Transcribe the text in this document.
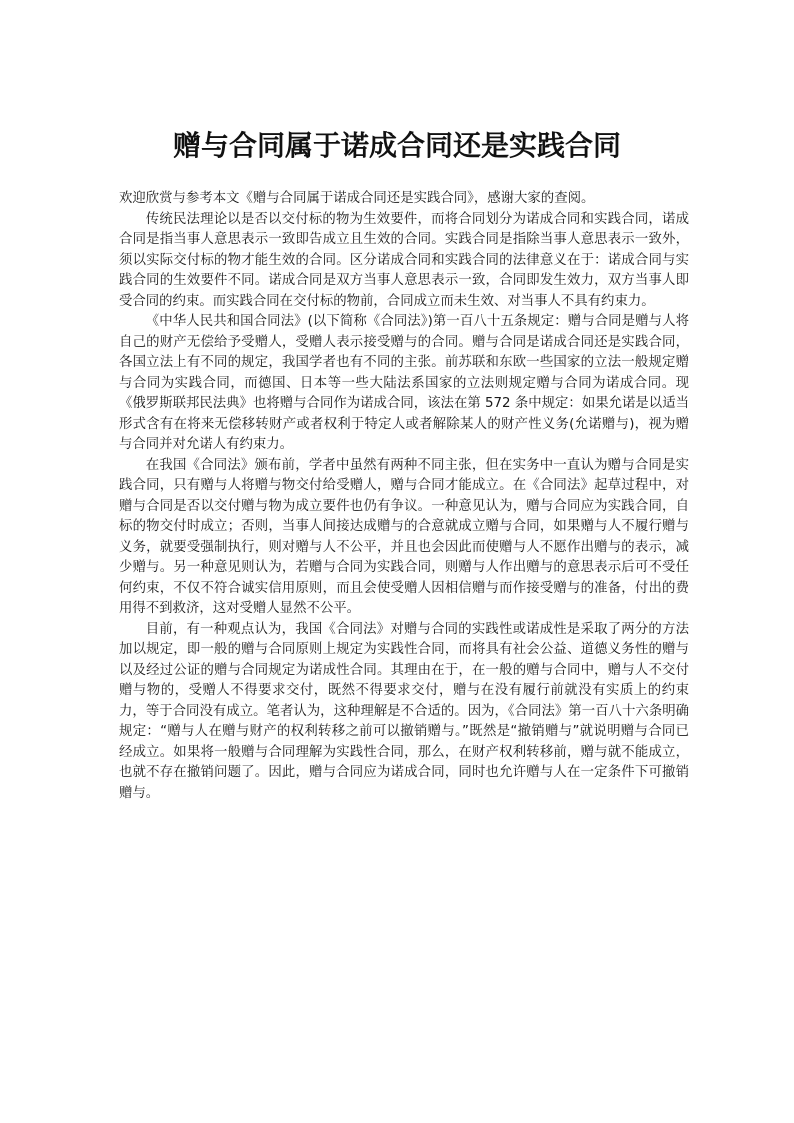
赠与合同属于诺成合同还是实践合同

欢迎欣赏与参考本文《赠与合同属于诺成合同还是实践合同》，感谢大家的查阅。

传统民法理论以是否以交付标的物为生效要件，而将合同划分为诺成合同和实践合同，诺成合同是指当事人意思表示一致即告成立且生效的合同。实践合同是指除当事人意思表示一致外，须以实际交付标的物才能生效的合同。区分诺成合同和实践合同的法律意义在于：诺成合同与实践合同的生效要件不同。诺成合同是双方当事人意思表示一致，合同即发生效力，双方当事人即受合同的约束。而实践合同在交付标的物前，合同成立而未生效、对当事人不具有约束力。

《中华人民共和国合同法》(以下简称《合同法》)第一百八十五条规定：赠与合同是赠与人将自己的财产无偿给予受赠人，受赠人表示接受赠与的合同。赠与合同是诺成合同还是实践合同，各国立法上有不同的规定，我国学者也有不同的主张。前苏联和东欧一些国家的立法一般规定赠与合同为实践合同，而德国、日本等一些大陆法系国家的立法则规定赠与合同为诺成合同。现《俄罗斯联邦民法典》也将赠与合同作为诺成合同，该法在第 572 条中规定：如果允诺是以适当形式含有在将来无偿移转财产或者权利于特定人或者解除某人的财产性义务(允诺赠与)，视为赠与合同并对允诺人有约束力。

在我国《合同法》颁布前，学者中虽然有两种不同主张，但在实务中一直认为赠与合同是实践合同，只有赠与人将赠与物交付给受赠人，赠与合同才能成立。在《合同法》起草过程中，对赠与合同是否以交付赠与物为成立要件也仍有争议。一种意见认为，赠与合同应为实践合同，自标的物交付时成立；否则，当事人间接达成赠与的合意就成立赠与合同，如果赠与人不履行赠与义务，就要受强制执行，则对赠与人不公平，并且也会因此而使赠与人不愿作出赠与的表示，减少赠与。另一种意见则认为，若赠与合同为实践合同，则赠与人作出赠与的意思表示后可不受任何约束，不仅不符合诚实信用原则，而且会使受赠人因相信赠与而作接受赠与的准备，付出的费用得不到救济，这对受赠人显然不公平。

目前，有一种观点认为，我国《合同法》对赠与合同的实践性或诺成性是采取了两分的方法加以规定，即一般的赠与合同原则上规定为实践性合同，而将具有社会公益、道德义务性的赠与以及经过公证的赠与合同规定为诺成性合同。其理由在于，在一般的赠与合同中，赠与人不交付赠与物的，受赠人不得要求交付，既然不得要求交付，赠与在没有履行前就没有实质上的约束力，等于合同没有成立。笔者认为，这种理解是不合适的。因为，《合同法》第一百八十六条明确规定：“赠与人在赠与财产的权利转移之前可以撤销赠与。”既然是“撤销赠与”就说明赠与合同已经成立。如果将一般赠与合同理解为实践性合同，那么，在财产权利转移前，赠与就不能成立，也就不存在撤销问题了。因此，赠与合同应为诺成合同，同时也允许赠与人在一定条件下可撤销赠与。
